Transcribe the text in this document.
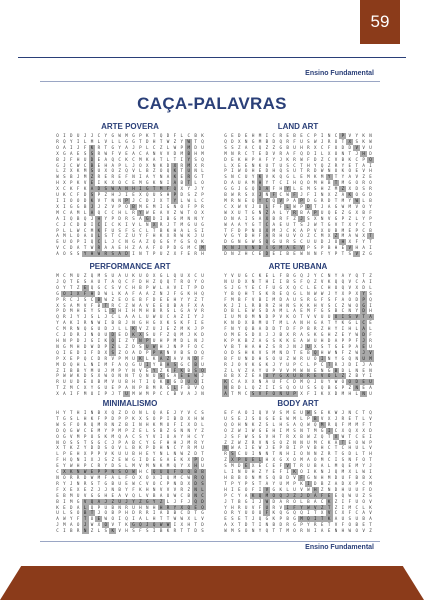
59
Ensino Fundamental
CAÇA-PALAVRAS
ARTE POVERA
O	I	D	U	J	J	C	Y	G	W	M	G	P	K	T	Q	D	F	L	C	B	K
R	Q	Y	I	L	M	L	V	L	L	G	G	T	D	H	T	W	Z	Y	W	T	Q
O	A	I	J	F	K	R	T	G	Y	A	J	P	L	C	Z	L	W	P	M	D	U
X	G	A	E	S	S	R	W	F	V	E	A	C	A	N	V	V	D	M	B	H	M
B	J	F	H	U	D	E	A	Q	C	K	C	M	K	A	T	L	T	I	Y	S	Q
G	J	C	W	C	B	E	H	A	P	L	J	O	X	N	K	D	X	R	M	X	R
L	Z	X	K	M	S	U	X	O	Z	Q	V	L	B	Z	O	Q	K	T	U	N	L
W	S	B	J	M	Z	R	E	R	E	F	N	I	A	Y	N	A	K	E	R	G	T
H	X	P	K	V	E	I	K	X	O	C	E	M	G	K	N	I	A	B	T	L	O
X	C	K	F	K	A	D	S	W	A	N	H	I	G	T	M	F	Q	X	Y	J	Y
U	K	C	F	D	S	P	Z	H	J	I	E	X	Q	U	S	H	P	D	S	Z	P
I	I	O	O	D	K	V	T	N	N	P	J	C	D	J	X	T	Y	L	W	L	C
X	I	G	G	B	J	J	Z	V	P	O	B	M	E	M	I	G	N	O	F	P	R
M	C	A	M	L	A	Q	C	C	H	L	R	Y	W	E	A	V	Z	W	T	O	X
A	I	Q	B	Q	J	H	Y	P	D	R	S	A	G	D	I	B	G	M	N	N	Y
C	J	C	D	D	I	C	I	C	K	I	V	L	N	X	R	J	T	M	G	U	G
P	L	L	W	C	M	K	F	U	S	F	S	C	L	T	B	K	H	A	L	S	I
A	M	L	O	A	U	L	S	T	C	Z	U	Y	F	H	K	X	R	W	K	J	U
E	U	O	P	I	Q	C	L	J	C	N	G	A	Z	Q	G	G	Y	G	S	Q	K
V	C	D	A	T	W	R	A	A	E	H	Z	A	A	F	O	P	D	G	M	C	M
A	O	S	S	Y	H	W	R	S	A	D	I	N	T	P	U	Z	X	F	E	R	H
LAND ART
G	E	D	E	H	M	I	C	R	E	B	E	C	P	I	N	C	P	V	Y	K	N
Q	D	X	N	G	M	B	D	Q	R	F	U	S	W	J	R	O	T	X	S	K	W
S	S	Z	A	C	Q	Z	Z	G	B	U	H	R	X	C	F	U	D	D	V	V	U
M	N	R	C	T	E	D	V	R	A	F	Q	D	I	L	X	O	N	T	J	H	D
D	E	K	H	P	A	F	Y	J	K	R	W	F	D	Z	C	V	B	K	C	P	Q
L	X	E	E	N	K	U	T	U	S	C	T	H	Y	Q	Z	R	Y	E	T	A	I
P	I	W	O	H	E	D	H	Q	S	U	T	R	D	W	N	U	K	O	E	V	H
S	N	C	U	Y	K	V	K	Q	G	L	E	M	K	M	Y	T	Y	A	V	Z	E
D	A	U	A	M	H	Y	T	C	I	H	Q	O	M	H	B	T	M	G	O	R	O
G	G	J	G	Q	D	A	F	H	Y	L	E	M	S	H	Z	M	Z	X	D	S	R
B	W	R	S	X	J	N	F	C	W	F	J	F	I	N	X	Z	A	K	O	G	D
M	R	N	E	Q	Y	C	Q	V	P	A	P	D	G	R	D	T	M	Y	W	L	B
C	X	W	V	J	U	L	F	F	L	W	P	D	T	J	A	G	W	M	V	O	Y
W	X	U	T	G	N	Z	A	L	Y	R	B	A	P	U	Q	E	Z	G	X	B	F
D	N	A	I	S	A	X	B	R	F	Z	J	S	X	N	V	G	P	Z	L	Y	P
W	A	A	Y	G	T	C	A	E	U	T	S	J	W	T	G	V	T	X	Y	C	T
T	F	D	P	N	O	X	M	J	C	K	A	P	V	X	U	B	M	E	P	C	B
V	G	Y	D	H	F	A	R	H	U	V	O	Z	C	M	X	Z	M	A	W	X	T
D	G	N	G	W	S	Q	G	U	R	S	C	U	U	D	J	U	H	X	F	Y	T
K	N	J	V	N	D	X	G	M	A	E	V	P	S	P	B	H	E	V	H	A	I
D	N	Z	H	C	E	D	E	I	B	E	W	N	N	F	Y	P	T	S	V	Z	G
PERFORMANCE ART
M	C	M	U	Z	Q	M	S	U	A	U	K	U	O	X	G	L	Q	U	X	C	U
J	Q	T	E	S	A	U	T	A	Q	C	F	D	H	Z	Q	Q	T	R	O	Y	O
O	Y	T	Z	E	Q	G	C	S	V	C	H	B	P	W	L	A	V	I	T	P	D
G	O	I	X	F	H	D	W	L	K	A	F	A	A	Z	N	J	F	G	K	H	Q
P	R	C	J	S	C	B	W	Z	E	O	E	B	F	D	E	E	H	Y	Y	Z	T
X	S	A	M	V	F	B	T	R	C	Z	W	A	V	E	E	U	B	A	F	X	A
P	D	M	H	E	Y	S	L	S	H	I	H	M	H	B	R	S	L	G	A	V	R
Q	R	J	Y	J	S	L	J	C	L	A	A	L	U	W	U	C	A	Z	I	Y	J
Y	A	K	I	R	N	W	I	B	B	J	N	G	H	G	X	K	S	K	F	I	E
C	M	R	N	Q	G	U	D	J	L	L	K	V	Z	U	J	E	Z	M	K	J	P
C	J	D	R	J	N	O	U	D	E	D	K	X	S	U	F	Z	Q	M	J	K	D
H	N	P	D	J	G	I	K	O	I	Z	Y	N	P	U	H	P	M	D	L	N	J
N	G	M	H	D	W	D	P	Z	L	Z	D	S	U	W	H	J	N	P	F	O	C
Q	I	E	D	I	F	D	X	S	Z	O	A	D	P	P	A	N	V	B	S	D	Q
P	X	E	P	Q	C	D	R	V	P	M	U	K	L	K	A	Z	A	V	N	D	F
M	D	Q	H	L	N	I	M	F	A	Q	G	U	I	Y	B	A	S	G	C	B	U
Z	I	B	B	Y	M	U	J	M	P	Y	N	V	E	Y	Z	K	F	K	B	S	O
P	W	W	K	D	S	X	W	O	N	N	T	Q	N	U	S	G	A	E	E	W	J
R	U	U	D	E	U	B	M	V	U	B	H	T	I	Q	K	U	G	D	U	O	I
T	Z	M	C	X	Y	G	U	E	P	A	N	P	B	M	R	G	L	F	B	V	Q
X	A	I	F	M	U	I	P	J	T	U	M	W	M	P	C	C	B	V	A	J	N
ARTE URBANA
Y	V	U	G	C	K	E	L	F	B	G	Q	J	Y	C	N	Y	A	Y	Q	T	Z
N	U	D	X	N	T	H	I	I	B	S	F	Q	Z	V	K	Q	Q	V	C	A	I
S	J	G	Y	E	C	F	U	G	X	Q	C	L	E	C	H	U	Q	V	X	D	L
Y	B	Q	H	T	S	K	R	E	Q	G	L	N	W	W	J	Y	X	P	X	Y	S
F	M	B	F	V	B	I	M	D	A	U	S	R	G	F	S	F	A	O	D	P	Q
K	J	I	L	R	B	R	Z	H	N	S	K	K	H	V	S	C	Z	W	O	G	I
D	B	L	E	W	S	D	A	M	L	A	E	M	F	G	S	B	C	N	Y	D	H
I	U	M	O	M	N	D	P	V	K	O	T	V	V	U	U	U	I	S	V	T	A
K	N	D	X	B	M	U	T	M	L	A	N	H	G	A	T	Y	K	G	L	C	E
F	N	Y	Q	B	A	D	D	T	D	F	P	B	R	Z	H	Y	I	H	L	A	L
O	M	E	S	D	X	J	J	B	X	R	A	S	K	G	H	Z	E	Y	W	D	F
K	P	K	B	Z	A	G	S	K	K	E	A	W	U	H	D	A	P	P	F	J	R
V	B	T	H	A	H	Z	S	R	J	N	J	U	X	S	T	G	E	P	A	E	U
O	D	S	H	K	V	S	M	N	D	T	E	B	Q	H	W	N	F	Z	W	J	V
B	F	U	N	D	H	S	O	U	Z	W	R	U	O	I	N	Y	G	Q	N	U	M
R	J	O	V	K	G	K	J	Y	U	P	C	L	P	C	T	R	J	D	I	J	A
Z	L	V	Z	A	Y	U	P	V	V	M	W	N	E	N	G	B	D	L	N	E	N
B	B	X	Z	E	A	U	Y	G	X	U	B	R	E	V	O	L	Z	Z	B	Y	I
K	C	A	X	X	N	A	U	F	C	D	M	Q	J	U	Y	W	O	O	D	E	U
N	B	D	L	Q	Z	I	I	S	Q	O	U	S	S	Q	B	G	P	Z	N	E	A
A	T	M	C	S	V	F	O	N	U	P	X	F	I	K	X	D	M	H	L	N	U
MINIMALISMO
H	Y	T	H	I	N	B	X	Q	Z	D	O	N	L	Q	A	E	J	Y	V	C	S
T	G	S	L	H	K	F	P	D	P	P	K	X	S	O	P	I	B	D	X	H	W
W	S	F	O	R	Q	M	R	N	Z	B	I	N	H	K	M	U	F	I	X	D	L
D	Q	G	W	C	E	M	Y	P	M	P	Z	E	L	S	B	Z	G	N	N	Y	Z
O	G	V	M	P	O	S	K	M	Q	A	C	S	Y	V	I	O	A	Y	H	C	Y
N	O	S	S	T	S	G	C	J	P	A	B	C	Y	G	F	H	H	J	M	R	Y
X	T	K	Z	Y	D	D	S	O	V	L	B	K	P	D	H	N	C	Y	R	M	U
L	P	E	H	X	P	P	V	K	U	U	B	H	E	Y	N	L	N	W	Z	D	T
F	H	Q	N	I	X	J	S	Z	E	W	G	I	D	E	G	A	E	K	X	P	D
E	Y	W	H	P	C	R	Y	D	S	L	M	V	M	N	K	M	Q	Y	X	H	U
C	X	K	N	W	E	P	P	N	S	O	W	H	C	Q	U	Q	F	O	Q	B	B
N	O	R	R	D	W	M	F	A	L	F	O	X	O	X	I	Q	M	C	W	R	Q
R	Y	J	N	R	S	T	G	B	U	E	W	C	V	O	C	P	N	D	X	D	S
F	X	E	X	E	Z	J	J	N	B	Y	F	K	H	N	V	V	V	R	Z	N	L
E	B	M	U	V	G	G	H	E	A	V	Q	L	V	B	A	U	W	C	B	N	C
B	I	M	G	V	Q	A	J	Z	U	J	Y	Z	G	Y	Z	L	J	F	J	Q	D
K	E	D	A	L	Q	P	U	B	N	R	U	H	N	H	H	R	Y	X	Q	E	O
U	L	S	O	B	T	J	O	B	P	H	D	R	R	I	A	D	B	C	D	T	G
A	W	Y	F	T	O	E	W	O	I	Q	I	A	L	H	T	T	W	W	X	L	V
J	M	A	O	J	W	X	O	V	T	K	G	Q	J	Q	W	W	I	X	H	T	D
C	I	B	R	N	Z	L	S	K	V	H	S	F	S	I	B	K	R	T	T	D	S
BODY ART
E	F	A	O	I	Q	V	V	S	M	E	U	W	S	E	K	W	J	N	C	T	Q
U	S	E	J	S	O	G	E	E	W	M	L	P	B	V	X	J	R	E	T	L	V
Q	O	H	N	K	Z	S	L	H	S	A	Q	W	Q	M	R	Q	F	M	M	F	T
O	Z	W	I	W	G	E	H	I	M	S	N	T	M	G	I	C	X	Q	X	X	D
J	S	F	W	S	G	V	H	T	R	X	B	W	Z	Q	T	X	W	T	C	E	I
Z	Z	W	Z	R	V	N	S	O	Z	N	N	U	M	C	K	A	T	E	O	W	P
N	W	A	I	E	W	J	E	P	B	I	P	V	B	H	C	T	C	H	U	L	V
R	S	C	U	I	N	N	T	N	H	I	O	N	N	Z	R	T	G	D	L	T	H
Z	X	P	U	E	L	H	X	G	X	O	M	A	O	M	C	I	S	N	F	O	T
S	M	D	E	X	E	C	E	F	V	T	R	U	B	A	L	M	Q	E	M	Y	J
L	I	N	U	H	Z	Y	E	F	I	K	O	I	K	N	J	Q	M	X	L	W	I
H	B	B	O	N	M	S	Q	B	D	V	F	G	N	H	M	D	U	F	B	B	X
T	P	Y	P	S	T	A	Y	U	M	P	K	I	D	B	Z	A	D	X	P	C	M
H	I	E	O	F	I	V	G	K	L	U	V	W	H	Z	N	D	H	U	U	F	D
P	C	Y	A	K	Q	M	O	Q	J	Z	J	D	A	F	E	E	Q	W	U	Z	S
J	T	B	G	I	J	W	D	A	R	O	L	B	A	C	K	Z	I	F	U	O	V
Y	H	R	U	V	F	U	R	V	I	F	Y	W	V	Z	T	Z	I	M	C	L	K
O	R	Y	U	O	O	F	K	Q	G	Q	Q	I	T	X	V	C	X	F	C	A	V
E	S	E	T	J	Q	G	K	P	B	G	M	Q	I	T	K	A	U	S	U	B	A
A	X	T	D	T	I	N	B	D	R	G	P	Y	R	E	T	V	F	O	B	E	T
W	M	S	O	N	Y	Q	T	T	M	O	R	N	I	A	E	N	H	W	O	V	Z
Ensino Fundamental
